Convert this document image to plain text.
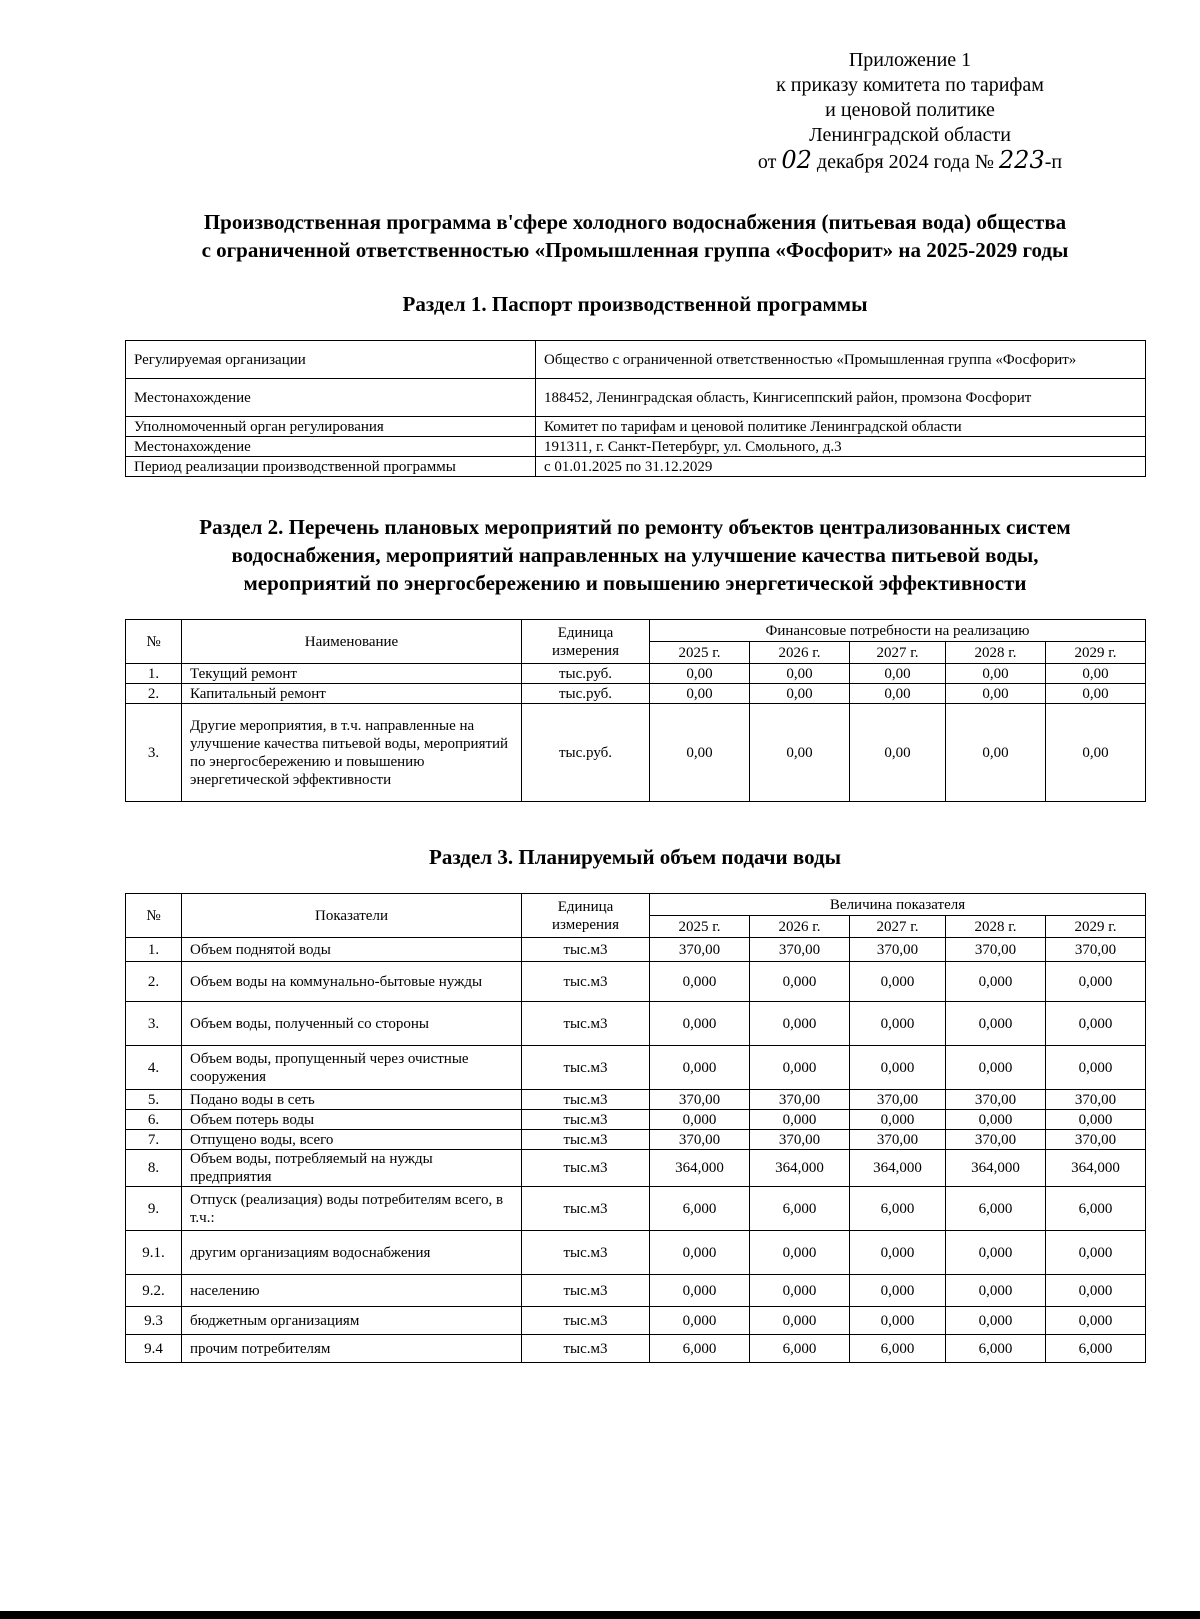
Приложение 1
к приказу комитета по тарифам
и ценовой политике
Ленинградской области
от 02 декабря 2024 года № 223-п
Производственная программа в'сфере холодного водоснабжения (питьевая вода) общества
с ограниченной ответственностью «Промышленная группа «Фосфорит» на 2025-2029 годы
Раздел 1. Паспорт производственной программы
Регулируемая организации	Общество с ограниченной ответственностью «Промышленная группа «Фосфорит»
Местонахождение	188452, Ленинградская область, Кингисеппский район, промзона Фосфорит
Уполномоченный орган регулирования	Комитет по тарифам и ценовой политике Ленинградской области
Местонахождение	191311, г. Санкт-Петербург, ул. Смольного, д.3
Период реализации производственной программы	с 01.01.2025 по 31.12.2029
Раздел 2. Перечень плановых мероприятий по ремонту объектов централизованных систем
водоснабжения, мероприятий направленных на улучшение качества питьевой воды,
мероприятий по энергосбережению и повышению энергетической эффективности
№	Наименование	Единица измерения	Финансовые потребности на реализацию				
			2025 г.	2026 г.	2027 г.	2028 г.	2029 г.
1.	Текущий ремонт	тыс.руб.	0,00	0,00	0,00	0,00	0,00
2.	Капитальный ремонт	тыс.руб.	0,00	0,00	0,00	0,00	0,00
3.	Другие мероприятия, в т.ч. направленные на улучшение качества питьевой воды, мероприятий по энергосбережению и повышению энергетической эффективности	тыс.руб.	0,00	0,00	0,00	0,00	0,00
Раздел 3. Планируемый объем подачи воды
№	Показатели	Единица измерения	Величина показателя				
			2025 г.	2026 г.	2027 г.	2028 г.	2029 г.
1.	Объем поднятой воды	тыс.м3	370,00	370,00	370,00	370,00	370,00
2.	Объем воды на коммунально-бытовые нужды	тыс.м3	0,000	0,000	0,000	0,000	0,000
3.	Объем воды, полученный со стороны	тыс.м3	0,000	0,000	0,000	0,000	0,000
4.	Объем воды, пропущенный через очистные сооружения	тыс.м3	0,000	0,000	0,000	0,000	0,000
5.	Подано воды в сеть	тыс.м3	370,00	370,00	370,00	370,00	370,00
6.	Объем потерь воды	тыс.м3	0,000	0,000	0,000	0,000	0,000
7.	Отпущено воды, всего	тыс.м3	370,00	370,00	370,00	370,00	370,00
8.	Объем воды, потребляемый на нужды предприятия	тыс.м3	364,000	364,000	364,000	364,000	364,000
9.	Отпуск (реализация) воды потребителям всего, в т.ч.:	тыс.м3	6,000	6,000	6,000	6,000	6,000
9.1.	другим организациям водоснабжения	тыс.м3	0,000	0,000	0,000	0,000	0,000
9.2.	населению	тыс.м3	0,000	0,000	0,000	0,000	0,000
9.3	бюджетным организациям	тыс.м3	0,000	0,000	0,000	0,000	0,000
9.4	прочим потребителям	тыс.м3	6,000	6,000	6,000	6,000	6,000
